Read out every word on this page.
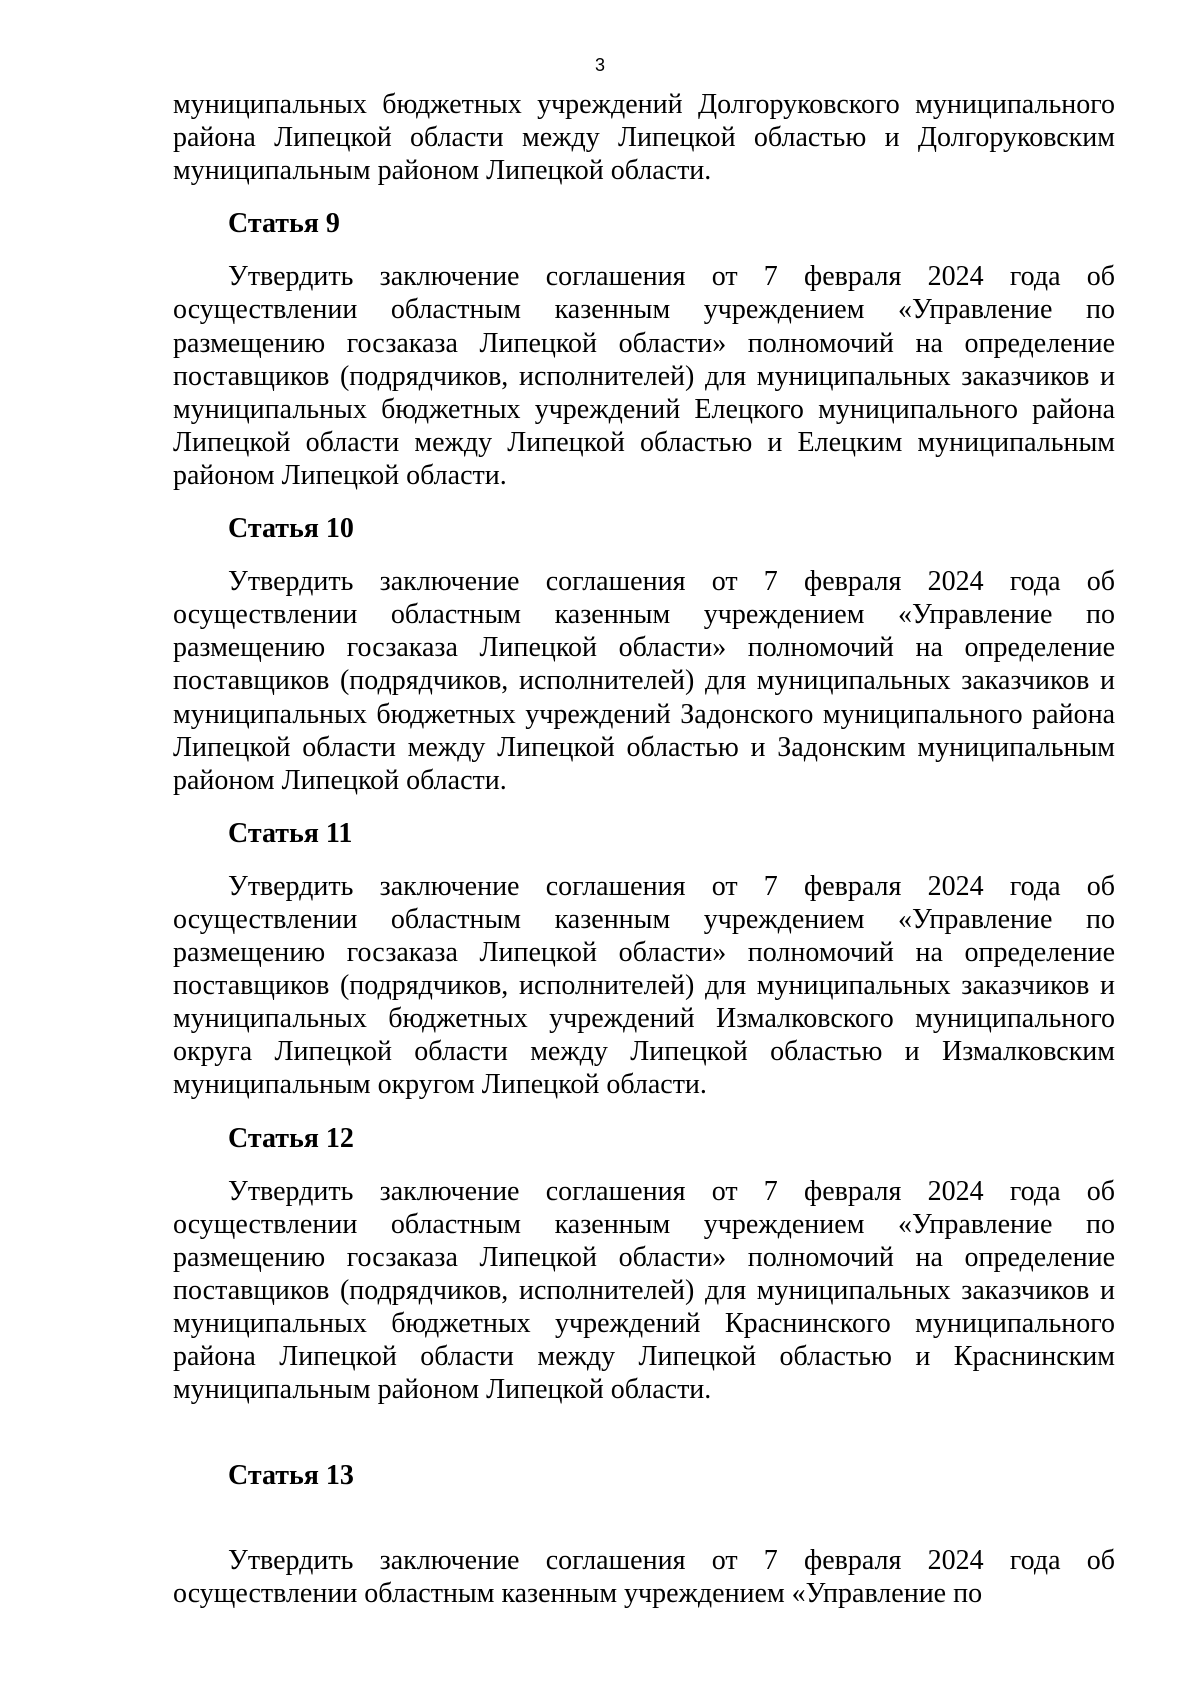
3

муниципальных бюджетных учреждений Долгоруковского муниципального района Липецкой области между Липецкой областью и Долгоруковским муниципальным районом Липецкой области.

Статья 9

Утвердить заключение соглашения от 7 февраля 2024 года об осуществлении областным казенным учреждением «Управление по размещению госзаказа Липецкой области» полномочий на определение поставщиков (подрядчиков, исполнителей) для муниципальных заказчиков и муниципальных бюджетных учреждений Елецкого муниципального района Липецкой области между Липецкой областью и Елецким муниципальным районом Липецкой области.

Статья 10

Утвердить заключение соглашения от 7 февраля 2024 года об осуществлении областным казенным учреждением «Управление по размещению госзаказа Липецкой области» полномочий на определение поставщиков (подрядчиков, исполнителей) для муниципальных заказчиков и муниципальных бюджетных учреждений Задонского муниципального района Липецкой области между Липецкой областью и Задонским муниципальным районом Липецкой области.

Статья 11

Утвердить заключение соглашения от 7 февраля 2024 года об осуществлении областным казенным учреждением «Управление по размещению госзаказа Липецкой области» полномочий на определение поставщиков (подрядчиков, исполнителей) для муниципальных заказчиков и муниципальных бюджетных учреждений Измалковского муниципального округа Липецкой области между Липецкой областью и Измалковским муниципальным округом Липецкой области.

Статья 12

Утвердить заключение соглашения от 7 февраля 2024 года об осуществлении областным казенным учреждением «Управление по размещению госзаказа Липецкой области» полномочий на определение поставщиков (подрядчиков, исполнителей) для муниципальных заказчиков и муниципальных бюджетных учреждений Краснинского муниципального района Липецкой области между Липецкой областью и Краснинским муниципальным районом Липецкой области.

Статья 13

Утвердить заключение соглашения от 7 февраля 2024 года об осуществлении областным казенным учреждением «Управление по
